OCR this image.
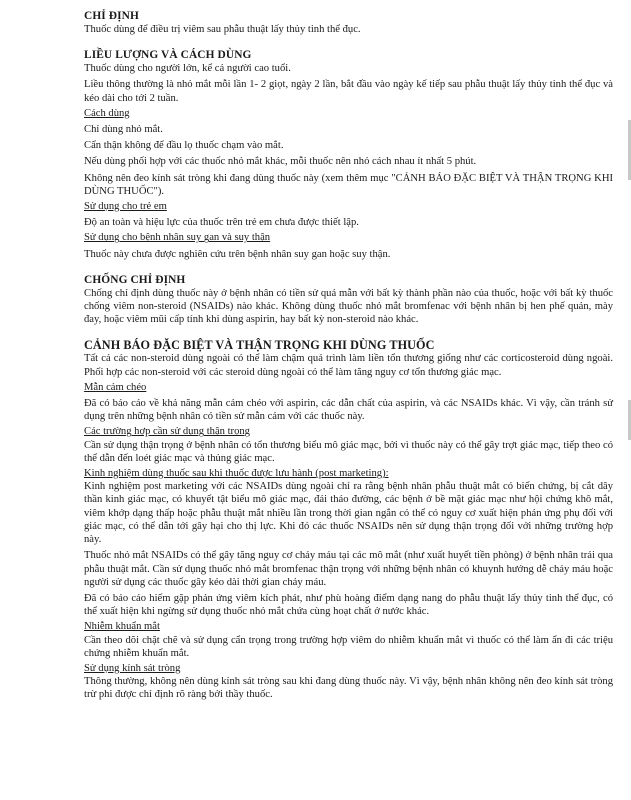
CHỈ ĐỊNH

Thuốc dùng để điều trị viêm sau phẫu thuật lấy thủy tinh thể đục.

LIỀU LƯỢNG VÀ CÁCH DÙNG

Thuốc dùng cho người lớn, kể cả người cao tuổi.

Liều thông thường là nhỏ mắt mỗi lần 1- 2 giọt, ngày 2 lần, bắt đầu vào ngày kế tiếp sau phẫu thuật lấy thủy tinh thể đục và kéo dài cho tới 2 tuần.

Cách dùng

Chỉ dùng nhỏ mắt.

Cẩn thận không để đầu lọ thuốc chạm vào mắt.

Nếu dùng phối hợp với các thuốc nhỏ mắt khác, mỗi thuốc nên nhỏ cách nhau ít nhất 5 phút.

Không nên đeo kính sát tròng khi đang dùng thuốc này (xem thêm mục "CẢNH BÁO ĐẶC BIỆT VÀ THẬN TRỌNG KHI DÙNG THUỐC").

Sử dụng cho trẻ em

Độ an toàn và hiệu lực của thuốc trên trẻ em chưa được thiết lập.

Sử dụng cho bệnh nhân suy gan và suy thận

Thuốc này chưa được nghiên cứu trên bệnh nhân suy gan hoặc suy thận.

CHỐNG CHỈ ĐỊNH

Chống chỉ định dùng thuốc này ở bệnh nhân có tiền sử quá mẫn với bất kỳ thành phần nào của thuốc, hoặc với bất kỳ thuốc chống viêm non-steroid (NSAIDs) nào khác. Không dùng thuốc nhỏ mắt bromfenac với bệnh nhân bị hen phế quản, mày đay, hoặc viêm mũi cấp tính khi dùng aspirin, hay bất kỳ non-steroid nào khác.

CẢNH BÁO ĐẶC BIỆT VÀ THẬN TRỌNG KHI DÙNG THUỐC

Tất cả các non-steroid dùng ngoài có thể làm chậm quá trình làm liền tổn thương giống như các corticosteroid dùng ngoài. Phối hợp các non-steroid với các steroid dùng ngoài có thể làm tăng nguy cơ tổn thương giác mạc.

Mẫn cảm chéo

Đã có báo cáo về khả năng mẫn cảm chéo với aspirin, các dẫn chất của aspirin, và các NSAIDs khác. Vì vậy, cần tránh sử dụng trên những bệnh nhân có tiền sử mẫn cảm với các thuốc này.

Các trường hợp cần sử dụng thận trọng

Cần sử dụng thận trọng ở bệnh nhân có tổn thương biểu mô giác mạc, bởi vì thuốc này có thể gây trợt giác mạc, tiếp theo có thể dẫn đến loét giác mạc và thủng giác mạc.

Kinh nghiệm dùng thuốc sau khi thuốc được lưu hành (post marketing):

Kinh nghiệm post marketing với các NSAIDs dùng ngoài chỉ ra rằng bệnh nhân phẫu thuật mắt có biến chứng, bị cắt dây thần kinh giác mạc, có khuyết tật biểu mô giác mạc, đái tháo đường, các bệnh ở bề mặt giác mạc như hội chứng khô mắt, viêm khớp dạng thấp hoặc phẫu thuật mắt nhiều lần trong thời gian ngắn có thể có nguy cơ xuất hiện phản ứng phụ đối với giác mạc, có thể dẫn tới gây hại cho thị lực. Khi đó các thuốc NSAIDs nên sử dụng thận trọng đối với những trường hợp này.

Thuốc nhỏ mắt NSAIDs có thể gây tăng nguy cơ chảy máu tại các mô mắt (như xuất huyết tiền phòng) ở bệnh nhân trải qua phẫu thuật mắt. Cần sử dụng thuốc nhỏ mắt bromfenac thận trọng với những bệnh nhân có khuynh hướng dễ chảy máu hoặc người sử dụng các thuốc gây kéo dài thời gian chảy máu.

Đã có báo cáo hiếm gặp phản ứng viêm kích phát, như phù hoàng điểm dạng nang do phẫu thuật lấy thủy tinh thể đục, có thể xuất hiện khi ngừng sử dụng thuốc nhỏ mắt chứa cùng hoạt chất ở nước khác.

Nhiễm khuẩn mắt

Cần theo dõi chặt chẽ và sử dụng cẩn trọng trong trường hợp viêm do nhiễm khuẩn mắt vì thuốc có thể làm ẩn đi các triệu chứng nhiễm khuẩn mắt.

Sử dụng kính sát tròng

Thông thường, không nên dùng kính sát tròng sau khi đang dùng thuốc này. Vì vậy, bệnh nhân không nên đeo kính sát tròng trừ phi được chỉ định rõ ràng bởi thầy thuốc.
